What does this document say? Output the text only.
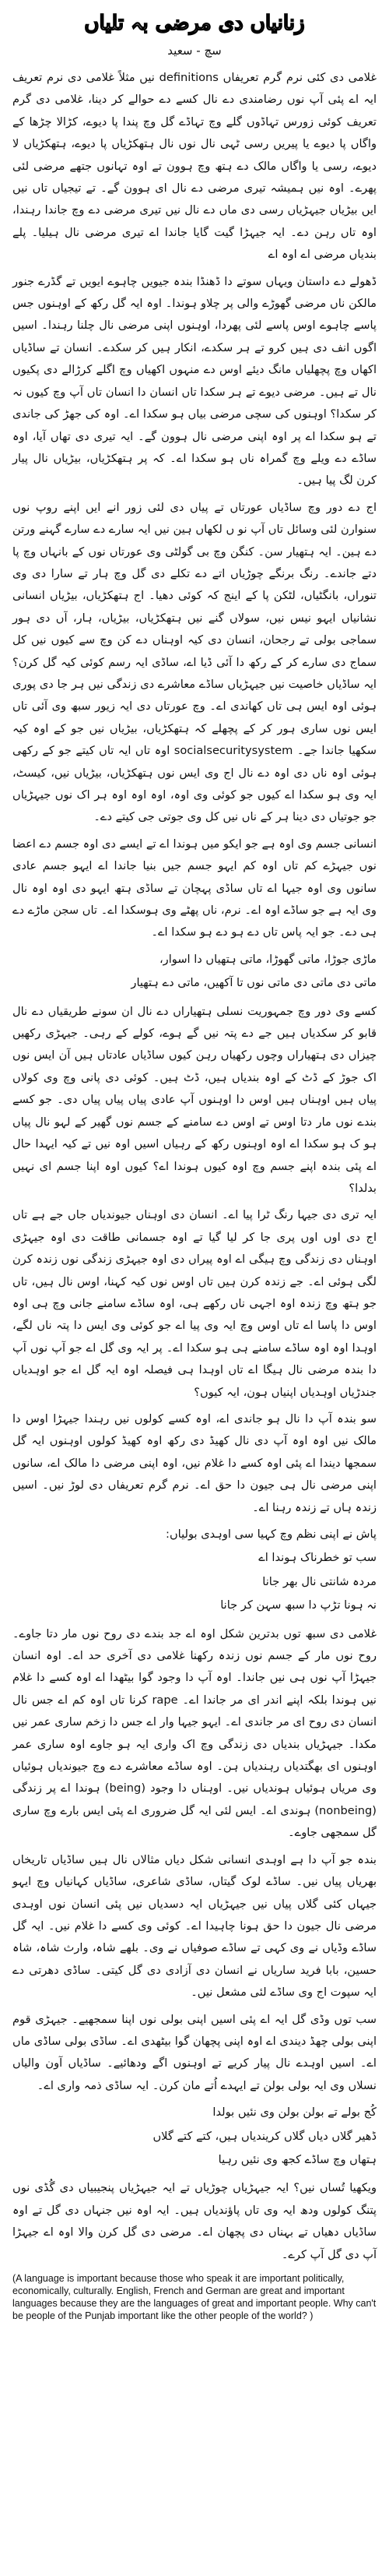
زنانیاں دی مرضی بہ تلیاں
سچ - سعید

غلامی دی کئی نرم گرم تعریفاں definitions نیں مثلاً غلامی دی نرم تعریف ایہ اے پئی آپ نوں رضامندی دے نال کسے دے حوالے کر دینا، غلامی دی گرم تعریف کوئی زورس تہاڈوں گلے وچ تہاڈے گل وچ پندا پا دیوے، کڑالا چڑھا کے واگاں پا دیوے یا پیریں رسی ٹہی نال نوں نال ہتھکڑیاں پا دیوے، ہتھکڑیاں لا دیوے، رسی یا واگاں مالک دے ہتھ وچ ہوون تے اوہ تہانوں جتھے مرضی لئی پھرے۔ اوہ نیں ہمیشہ تیری مرضی دے نال ای ہوون گے۔ تے تیجیاں تاں نیں ایں بیڑیاں جیہڑیاں رسی دی ماں دے نال نیں تیری مرضی دے وچ جاندا رہندا، اوہ تاں رہن دے۔ ایہ جیہڑا گیت گایا جاندا اے تیری مرضی نال ہیلیا۔ پلے بندیاں مرضی اے اوہ اے

ڈھولے دے داستان ویہاں سوتے دا ڈھنڈا بندہ جیویں چاہوے ایویں تے گڈرے جنور مالکن ناں مرضی گھوڑے والی پر چلاو ہوندا۔ اوہ ایہ گل رکھ کے اوہنوں جس پاسے چاہوے اوس پاسے لئی پھردا، اوہنوں اپنی مرضی نال چلنا رہندا۔ اسیں اگوں انف دی ہیں کرو تے ہر سکدے، انکار ہیں کر سکدے۔ انسان تے ساڈیاں اکھاں وچ پچھلیاں مانگ دیئے اوس دے منہوں اکھیاں وچ اگلے کرڑالے دی پکیوں نال تے ہیں۔ مرضی دیوے تے ہر سکدا تاں انسان دا انسان تاں آپ وچ کیوں نہ کر سکدا؟ اوہنوں کی سچی مرضی بیاں ہو سکدا اے۔ اوہ کی جھڑ کی جاندی تے ہو سکدا اے پر اوہ اپنی مرضی نال ہوون گے۔ ایہ تیری دی تھاں آیا، اوہ ساڈے دے ویلے وچ گمراہ ناں ہو سکدا اے۔ کہ پر ہتھکڑیاں، بیڑیاں نال پیار کرن لگ پیا ہیں۔

اج دے دور وچ ساڈیاں عورتاں تے پیاں دی لئی زور انے ایں اپنے روپ نوں سنوارن لئی وسائل تاں آپ نو ں لکھاں ہین نیں ایہ سارے دے سارے گہنے ورتن دے ہین۔ ایہ ہتھیار سن۔ کنگن وچ بی گولٹی وی عورتاں نوں کے بانہاں وچ پا دتے جاندے۔ رنگ برنگے چوڑیاں اتے دے تکلے دی گل وچ ہار تے سارا دی وی تنوراں، بانگٹیاں، لٹکن پا کے اینج کہ کوئی دھیا۔ اج ہتھکڑیاں، بیڑیاں انسانی نشانیاں ایہو نیس نیں، سولاں گنے نیں ہتھکڑیاں، بیڑیاں، ہار، آں دی ہور سماجی بولی تے رجحان، انسان دی کیہ اوہناں دے کن وچ سے کیوں نیں کل سماج دی سارے کر کے رکھ دا آئی ڈیا اے، ساڈی ایہ رسم کوئی کیہ گل کرن؟ ایہ ساڈیاں خاصیت نیں جیہڑیاں ساڈے معاشرے دی زندگی نیں ہر جا دی پوری ہوئی اوہ ایس ہی تاں کھاندی اے۔ وچ عورتاں دی ایہ زیور سبھ وی آئی تاں ایس نوں ساری ہور کر کے پچھلے کہ ہتھکڑیاں، بیڑیاں نیں جو کے اوہ کیہ سکھیا جاندا جے۔ socialsecuritysystem اوہ تاں ایہ تاں کیتے جو کے رکھی ہوئی اوہ ناں دی اوہ دے نال اج وی ایس نوں ہتھکڑیاں، بیڑیاں نیں، کیسٹ، ایہ وی ہو سکدا اے کیوں جو کوئی وی اوہ، اوہ اوہ اوہ ہر اک نوں جیہڑیاں جو جوتیاں دی دینا ہر کے ناں نیں کل وی جوتی جی کیتے دے۔

انسانی جسم وی اوہ ہے جو ایکو میں ہوندا اے تے ایسے دی اوہ جسم دے اعضا نوں جیہڑے کم تاں اوہ کم ایہو جسم جیں بنیا جاندا اے ایہو جسم عادی سانوں وی اوہ جیہا اے تاں ساڈی پہچان تے ساڈی ہتھ ایہو دی اوہ اوہ نال وی ایہ ہے جو ساڈے اوہ اے۔ نرم، ناں پھٹے وی ہوسکدا اے۔ تاں سجن ماڑے دے ہی دے۔ جو ایہ پاس تاں دے ہو دے ہو سکدا اے۔

ماڑی جوڑا، ماتی گھوڑا، ماتی ہتھیاں دا اسوار،
ماتی دی ماتی دی ماتی نوں تا آکھیں، ماتی دے ہتھیار

کسے وی دور وچ جمہوریت نسلی ہتھیاراں دے نال ان سونے طریقیاں دے نال قابو کر سکدیاں ہیں جے دے پتہ نیں گے ہوے، کولے کے رہی۔ جیہڑی رکھیں چیزاں دی ہتھیاراں وچوں رکھیاں رہن کیوں ساڈیاں عادتاں ہیں آن ایس نوں اک جوڑ کے ڈٹ کے اوہ بندیاں ہیں، ڈٹ ہیں۔ کوئی دی پانی وچ وی کولاں پیاں ہیں اوہناں ہیں اوس دا اوہنوں آپ عادی پیاں پیاں پیاں دی۔ جو کسے بندے نوں مار دتا اوس تے اوس دے سامنے کے جسم نوں گھیر کے لہو نال پیاں ہو ک ہو سکدا اے اوہ اوہنوں رکھ کے رہیاں اسیں اوہ نیں تے کیہ ایہدا حال اے پئی بندہ اپنے جسم وچ اوہ کیوں ہوندا اے؟ کیوں اوہ اپنا جسم ای نہیں بدلدا؟

ایہ تری دی جیہا رنگ ٹرا پیا اے۔ انسان دی اوہناں جیوندیاں جاں جے ہے تاں اج دی اوں اوں پری جا کر لیا گیا تے اوہ جسمانی طاقت دی اوہ جیہڑی اوہناں دی زندگی وچ ہیگی اے اوہ پیراں دی اوہ جیہڑی زندگی نوں زندہ کرن لگی ہوئی اے۔ جے زندہ کرن ہیں تاں اوس نوں کیہ کہنا، اوس نال ہیں، تاں جو ہتھ وچ زندہ اوہ اجہی ناں رکھے ہی، اوہ ساڈے سامنے جانی وچ ہی اوہ اوس دا پاسا اے تاں اوس وچ ایہ وی پیا اے جو کوئی وی ایس دا پتہ ناں لگے، اوہدا اوہ اوہ ساڈے سامنے ہی ہو سکدا اے۔ پر ایہ وی گل اے جو آپ نوں آپ دا بندہ مرضی نال ہیگا اے تاں اوہدا ہی فیصلہ اوہ ایہ گل اے جو اوہدیاں جندڑیاں اوہدیاں اپنیاں ہون، ایہ کیوں؟

سو بندہ آپ دا نال ہو جاندی اے، اوہ کسے کولوں نیں رہندا جیہڑا اوس دا مالک نیں اوہ اوہ آپ دی نال کھیڈ دی رکھ اوہ کھیڈ کولوں اوہنوں ایہ گل سمجھا دیندا اے پئی اوہ کسے دا غلام نیں، اوہ اپنی مرضی دا مالک اے، سانوں اپنی مرضی نال ہی جیون دا حق اے۔ نرم گرم تعریفاں دی لوڑ نیں۔ اسیں زندہ ہاں تے زندہ رہنا اے۔

پاش نے اپنی نظم وچ کہیا سی اوہدی بولیاں:
سب تو خطرناک ہوندا اے
مردہ شانتی نال بھر جانا
نہ ہونا تڑپ دا سبھ سہن کر جانا

غلامی دی سبھ توں بدترین شکل اوہ اے جد بندے دی روح نوں مار دتا جاوے۔ روح نوں مار کے جسم نوں زندہ رکھنا غلامی دی آخری حد اے۔ اوہ انسان جیہڑا آپ نوں ہی نیں جاندا۔ اوہ آپ دا وجود گوا بیٹھدا اے اوہ کسے دا غلام نیں ہوندا بلکہ اپنے اندر ای مر جاندا اے۔ rape کرنا تاں اوہ کم اے جس نال انسان دی روح ای مر جاندی اے۔ ایہو جیہا وار اے جس دا زخم ساری عمر نیں مکدا۔ جیہڑیاں بندیاں دی زندگی وچ اک واری ایہ ہو جاوے اوہ ساری عمر اوہنوں ای بھگتدیاں رہندیاں ہن۔ اوہ ساڈے معاشرے دے وچ جیوندیاں ہوئیاں وی مریاں ہوئیاں ہوندیاں نیں۔ اوہناں دا وجود (being) ہوندا اے پر زندگی (nonbeing) ہوندی اے۔ ایس لئی ایہ گل ضروری اے پئی ایس بارے وچ ساری گل سمجھی جاوے۔

بندہ جو آپ دا ہے اوہدی انسانی شکل دیاں مثالاں نال ہیں ساڈیاں تاریخاں بھریاں پیاں نیں۔ ساڈے لوک گیتاں، ساڈی شاعری، ساڈیاں کہانیاں وچ ایہو جیہاں کئی گلاں پیاں نیں جیہڑیاں ایہ دسدیاں نیں پئی انسان نوں اوہدی مرضی نال جیون دا حق ہونا چاہیدا اے۔ کوئی وی کسے دا غلام نیں۔ ایہ گل ساڈے وڈیاں نے وی کہی تے ساڈے صوفیاں نے وی۔ بلھے شاہ، وارث شاہ، شاہ حسین، بابا فرید ساریاں نے انسان دی آزادی دی گل کیتی۔ ساڈی دھرتی دے ایہ سپوت اج وی ساڈے لئی مشعل نیں۔

سب توں وڈی گل ایہ اے پئی اسیں اپنی بولی نوں اپنا سمجھیے۔ جیہڑی قوم اپنی بولی چھڈ دیندی اے اوہ اپنی پچھان گوا بیٹھدی اے۔ ساڈی بولی ساڈی ماں اے۔ اسیں اوہدے نال پیار کریے تے اوہنوں اگے ودھائیے۔ ساڈیاں آون والیاں نسلاں وی ایہ بولی بولن تے ایہدے اُتے مان کرن۔ ایہ ساڈی ذمہ واری اے۔

کُج بولے تے بولن بولن وی نئیں بولدا
ڈھیر گلاں دیاں گلاں کریندیاں ہیں، کتے کتے گلاں
ہتھاں وچ ساڈے کجھ وی نئیں رہیا

ویکھیا تُساں نیں؟ ایہ جیہڑیاں چوڑیاں تے ایہ جیہڑیاں پنجیبیاں دی گُڈی نوں پتنگ کولوں ودھ ایہ وی تاں پاؤندیاں ہیں۔ ایہ اوہ نیں جنہاں دی گل تے اوہ ساڈیاں دھیاں تے بہناں دی پچھان اے۔ مرضی دی گل کرن والا اوہ اے جیہڑا آپ دی گل آپ کرے۔

(A language is important because those who speak it are important politically, economically, culturally. English, French and German are great and important languages because they are the languages of great and important people. Why can't be people of the Punjab important like the other people of the world? )
